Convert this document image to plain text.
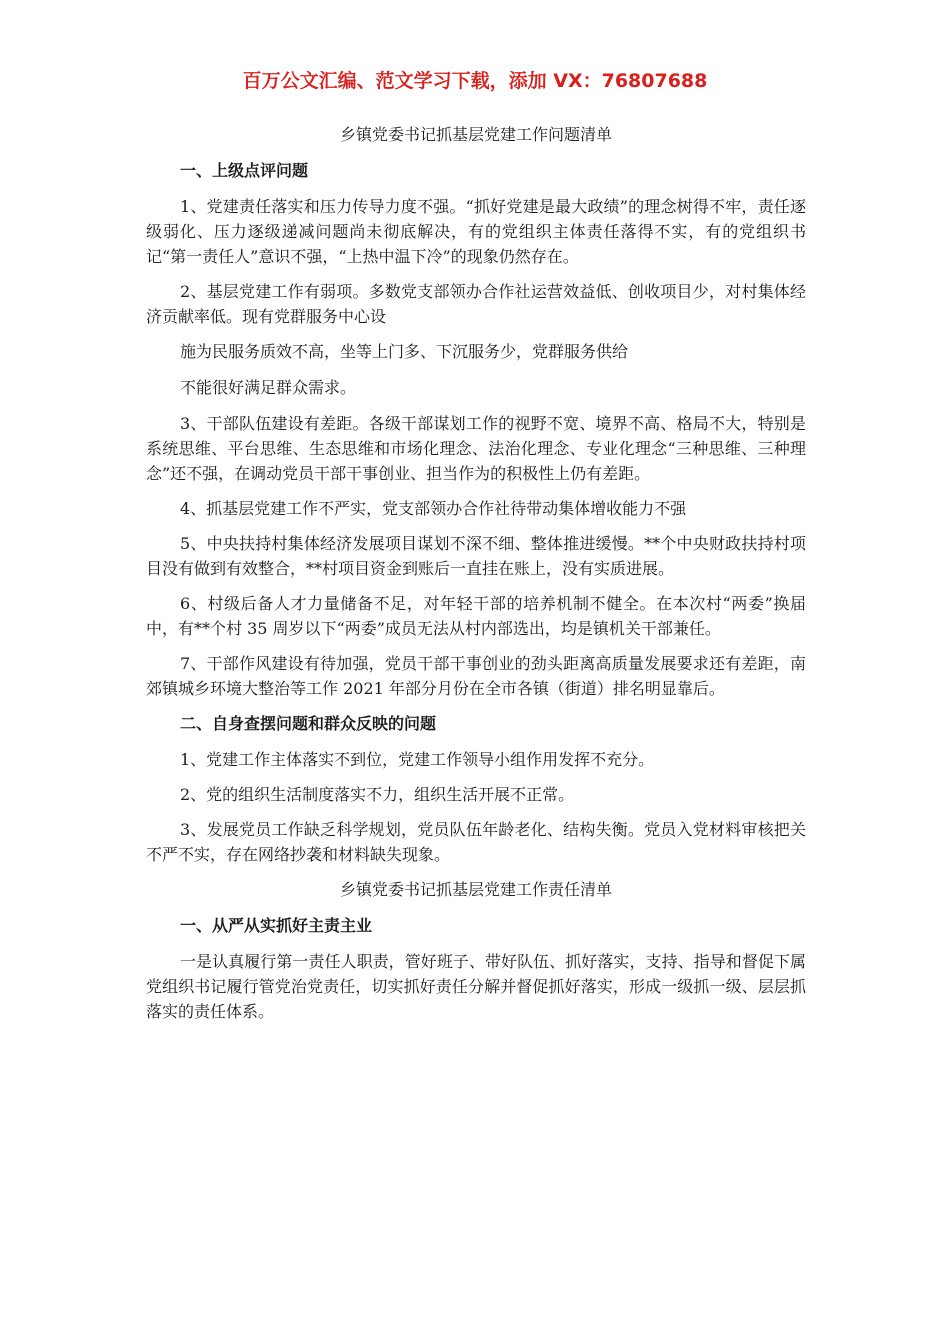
百万公文汇编、范文学习下载，添加 VX：76807688
乡镇党委书记抓基层党建工作问题清单
一、上级点评问题

1、党建责任落实和压力传导力度不强。“抓好党建是最大政绩”的理念树得不牢，责任逐级弱化、压力逐级递减问题尚未彻底解决，有的党组织主体责任落得不实，有的党组织书记“第一责任人”意识不强，“上热中温下冷”的现象仍然存在。

2、基层党建工作有弱项。多数党支部领办合作社运营效益低、创收项目少，对村集体经济贡献率低。现有党群服务中心设

施为民服务质效不高，坐等上门多、下沉服务少，党群服务供给

不能很好满足群众需求。

3、干部队伍建设有差距。各级干部谋划工作的视野不宽、境界不高、格局不大，特别是系统思维、平台思维、生态思维和市场化理念、法治化理念、专业化理念“三种思维、三种理念”还不强，在调动党员干部干事创业、担当作为的积极性上仍有差距。

4、抓基层党建工作不严实，党支部领办合作社待带动集体增收能力不强

5、中央扶持村集体经济发展项目谋划不深不细、整体推进缓慢。**个中央财政扶持村项目没有做到有效整合，**村项目资金到账后一直挂在账上，没有实质进展。

6、村级后备人才力量储备不足，对年轻干部的培养机制不健全。在本次村“两委”换届中，有**个村 35 周岁以下“两委”成员无法从村内部选出，均是镇机关干部兼任。

7、干部作风建设有待加强，党员干部干事创业的劲头距离高质量发展要求还有差距，南郊镇城乡环境大整治等工作 2021 年部分月份在全市各镇（街道）排名明显靠后。

二、自身查摆问题和群众反映的问题

1、党建工作主体落实不到位，党建工作领导小组作用发挥不充分。

2、党的组织生活制度落实不力，组织生活开展不正常。

3、发展党员工作缺乏科学规划，党员队伍年龄老化、结构失衡。党员入党材料审核把关不严不实，存在网络抄袭和材料缺失现象。

乡镇党委书记抓基层党建工作责任清单
一、从严从实抓好主责主业

一是认真履行第一责任人职责，管好班子、带好队伍、抓好落实，支持、指导和督促下属党组织书记履行管党治党责任，切实抓好责任分解并督促抓好落实，形成一级抓一级、层层抓落实的责任体系。
